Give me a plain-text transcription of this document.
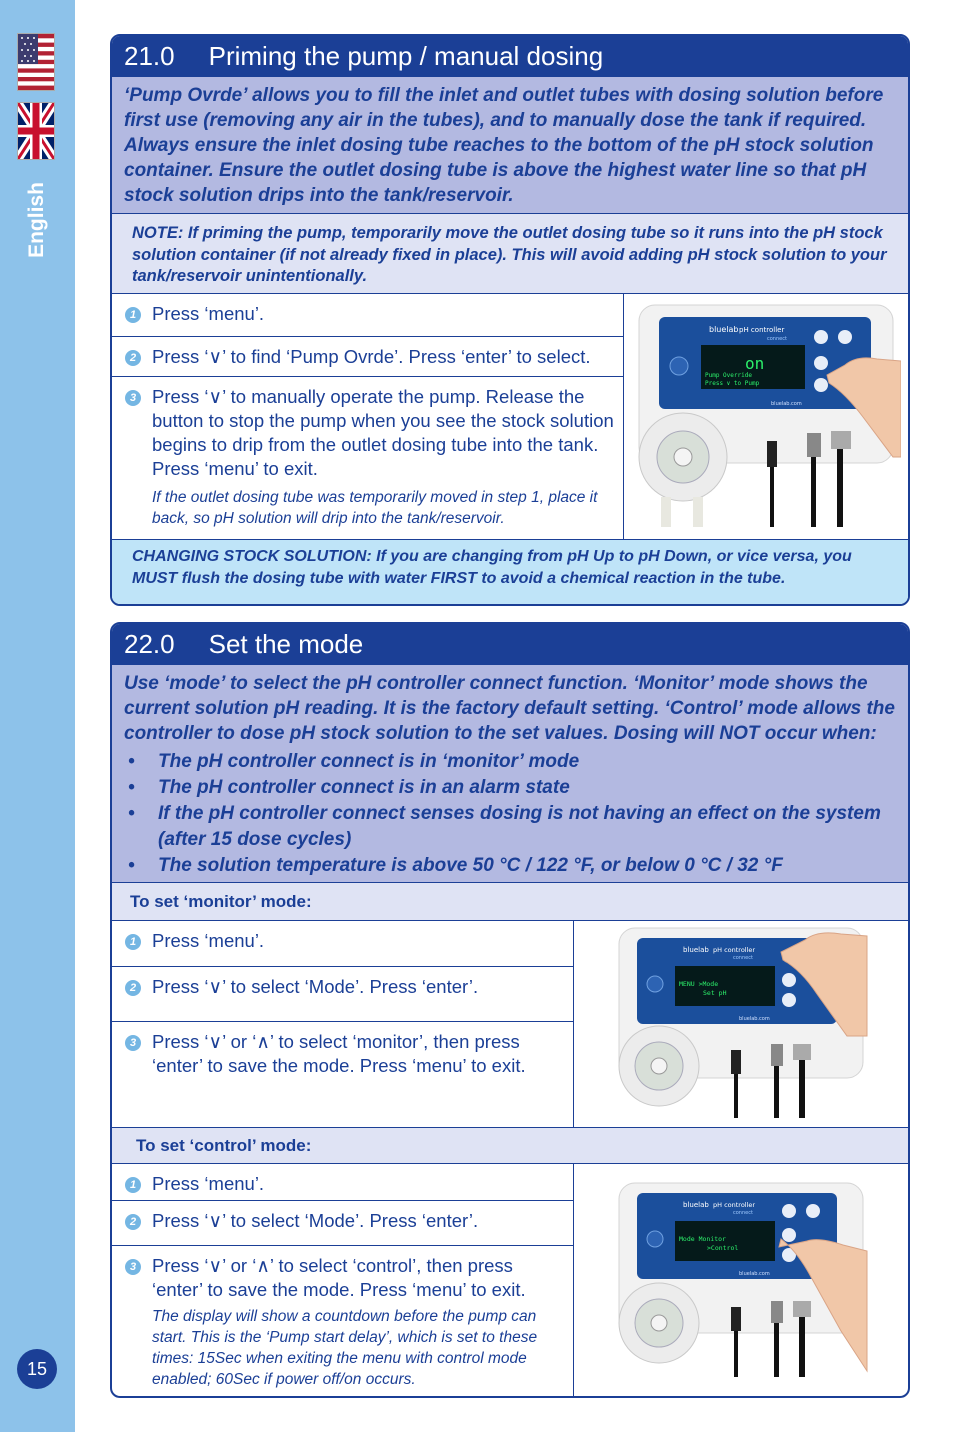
English
15
21.0 Priming the pump / manual dosing

‘Pump Ovrde’ allows you to fill the inlet and outlet tubes with dosing solution before first use (removing any air in the tubes), and to manually dose the tank if required. Always ensure the inlet dosing tube reaches to the bottom of the pH stock solution container. Ensure the outlet dosing tube is above the highest water line so that pH stock solution drips into the tank/reservoir.

NOTE: If priming the pump, temporarily move the outlet dosing tube so it runs into the pH stock solution container (if not already fixed in place). This will avoid adding pH stock solution to your tank/reservoir unintentionally.

1 Press ‘menu’.
2 Press ‘∨’ to find ‘Pump Ovrde’. Press ‘enter’ to select.
3 Press ‘∨’ to manually operate the pump. Release the button to stop the pump when you see the stock solution begins to drip from the outlet dosing tube into the tank. Press ‘menu’ to exit.
If the outlet dosing tube was temporarily moved in step 1, place it back, so pH solution will drip into the tank/reservoir.
bluelab pH controller
connect
on
Pump Override
Press ∨ to Pump
bluelab.com

CHANGING STOCK SOLUTION: If you are changing from pH Up to pH Down, or vice versa, you MUST flush the dosing tube with water FIRST to avoid a chemical reaction in the tube.

22.0 Set the mode

Use ‘mode’ to select the pH controller connect function. ‘Monitor’ mode shows the current solution pH reading. It is the factory default setting. ‘Control’ mode allows the controller to dose pH stock solution to the set values. Dosing will NOT occur when:

• The pH controller connect is in ‘monitor’ mode
• The pH controller connect is in an alarm state
• If the pH controller connect senses dosing is not having an effect on the system (after 15 dose cycles)
• The solution temperature is above 50 °C / 122 °F, or below 0 °C / 32 °F
To set ‘monitor’ mode:
1 Press ‘menu’.
2 Press ‘∨’ to select ‘Mode’. Press ‘enter’.
3 Press ‘∨’ or ‘∧’ to select ‘monitor’, then press ‘enter’ to save the mode. Press ‘menu’ to exit.
bluelab pH controller
connect
MENU >Mode
Set pH
bluelab.com
To set ‘control’ mode:
1 Press ‘menu’.
2 Press ‘∨’ to select ‘Mode’. Press ‘enter’.
3 Press ‘∨’ or ‘∧’ to select ‘control’, then press ‘enter’ to save the mode. Press ‘menu’ to exit.
The display will show a countdown before the pump can start. This is the ‘Pump start delay’, which is set to these times: 15Sec when exiting the menu with control mode enabled; 60Sec if power off/on occurs.
bluelab pH controller
connect
Mode Monitor
>Control
bluelab.com
